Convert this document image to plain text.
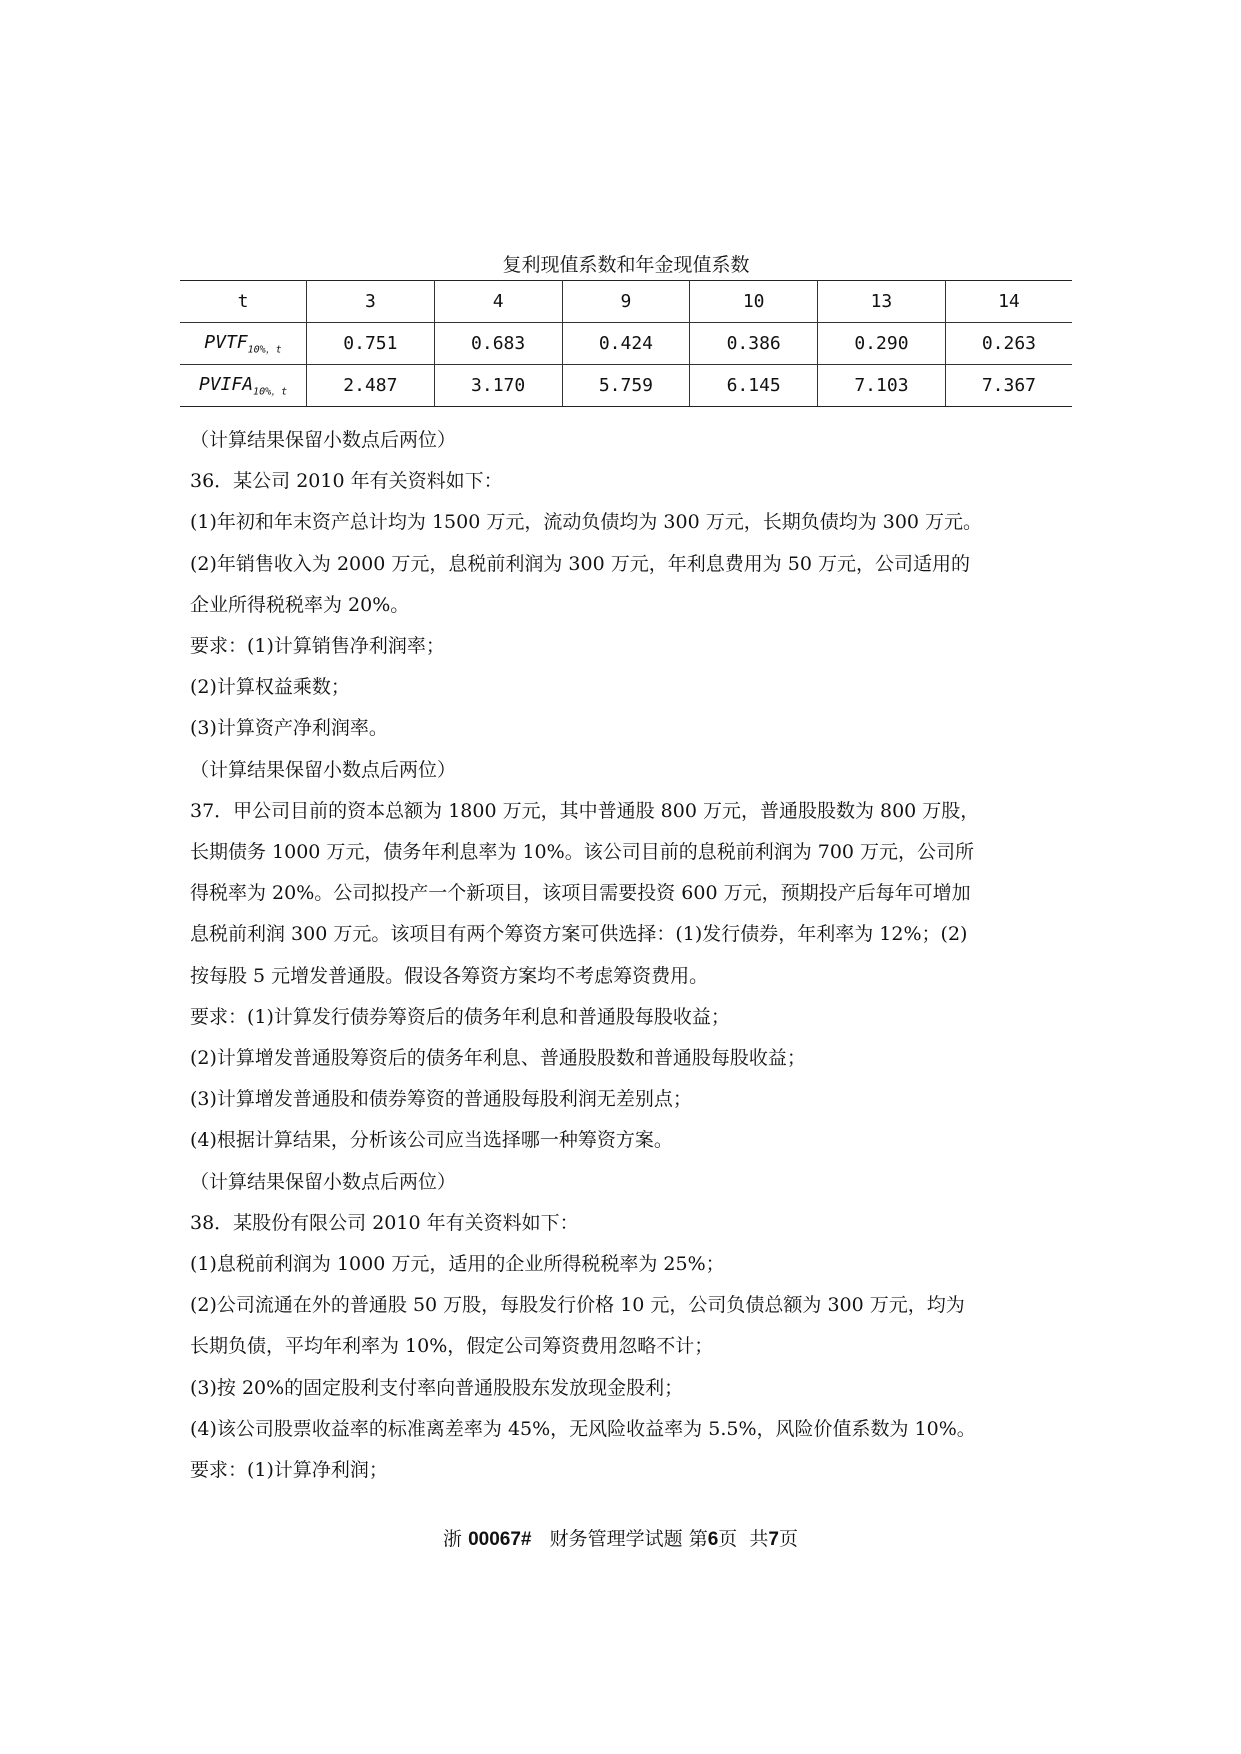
复利现值系数和年金现值系数
t	3	4	9	10	13	14
$PVTF_{10\%,t}$	0.751	0.683	0.424	0.386	0.290	0.263
$PVIFA_{10\%,t}$	2.487	3.170	5.759	6.145	7.103	7.367

（计算结果保留小数点后两位）

36．某公司 2010 年有关资料如下：

(1)年初和年末资产总计均为 1500 万元，流动负债均为 300 万元，长期负债均为 300 万元。

(2)年销售收入为 2000 万元，息税前利润为 300 万元，年利息费用为 50 万元，公司适用的

企业所得税税率为 20%。

要求：(1)计算销售净利润率；

(2)计算权益乘数；

(3)计算资产净利润率。

（计算结果保留小数点后两位）

37．甲公司目前的资本总额为 1800 万元，其中普通股 800 万元，普通股股数为 800 万股，

长期债务 1000 万元，债务年利息率为 10%。该公司目前的息税前利润为 700 万元，公司所

得税率为 20%。公司拟投产一个新项目，该项目需要投资 600 万元，预期投产后每年可增加

息税前利润 300 万元。该项目有两个筹资方案可供选择：(1)发行债券，年利率为 12%；(2)

按每股 5 元增发普通股。假设各筹资方案均不考虑筹资费用。

要求：(1)计算发行债券筹资后的债务年利息和普通股每股收益；

(2)计算增发普通股筹资后的债务年利息、普通股股数和普通股每股收益；

(3)计算增发普通股和债券筹资的普通股每股利润无差别点；

(4)根据计算结果，分析该公司应当选择哪一种筹资方案。

（计算结果保留小数点后两位）

38．某股份有限公司 2010 年有关资料如下：

(1)息税前利润为 1000 万元，适用的企业所得税税率为 25%；

(2)公司流通在外的普通股 50 万股，每股发行价格 10 元，公司负债总额为 300 万元，均为

长期负债，平均年利率为 10%，假定公司筹资费用忽略不计；

(3)按 20%的固定股利支付率向普通股股东发放现金股利；

(4)该公司股票收益率的标准离差率为 45%，无风险收益率为 5.5%，风险价值系数为 10%。

要求：(1)计算净利润；

浙 00067# 财务管理学试题 第6页  共7页
